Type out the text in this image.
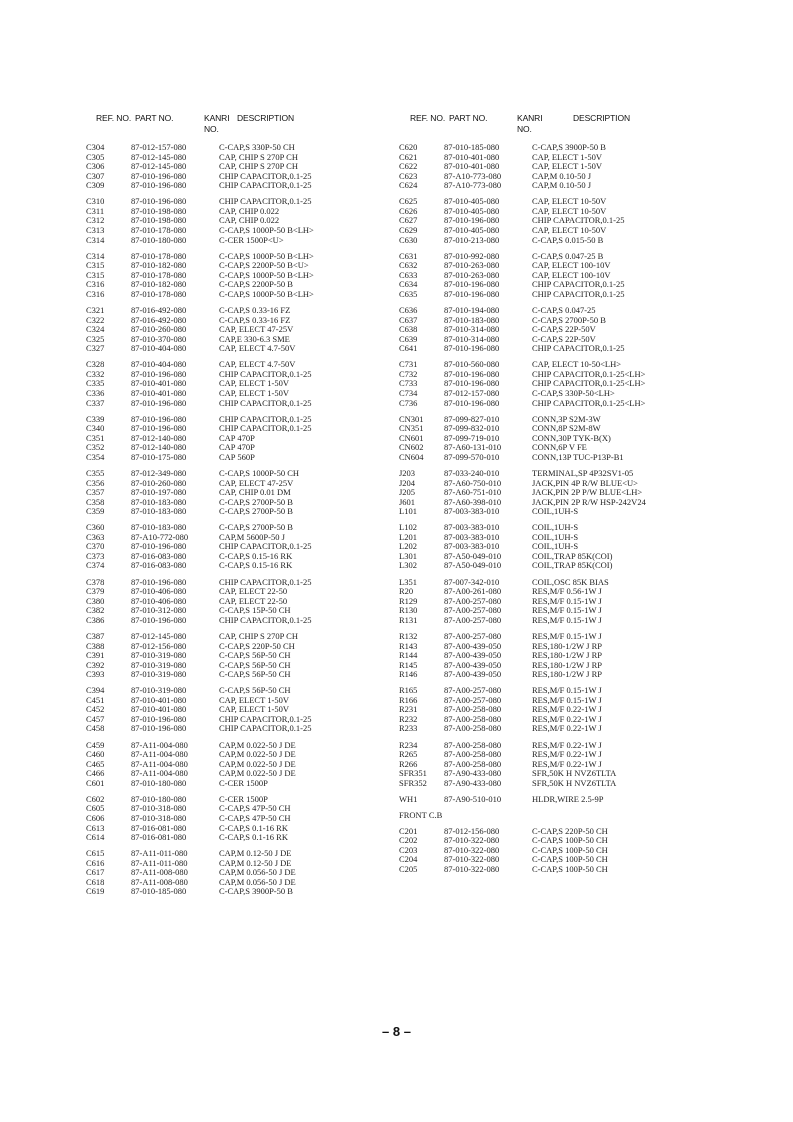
REF. NO. PART NO.	KANRI
NO.
DESCRIPTION
C304	87-012-157-080	C-CAP,S 330P-50 CH
C305	87-012-145-080	CAP, CHIP S 270P CH
C306	87-012-145-080	CAP, CHIP S 270P CH
C307	87-010-196-080	CHIP CAPACITOR,0.1-25
C309	87-010-196-080	CHIP CAPACITOR,0.1-25
C310	87-010-196-080	CHIP CAPACITOR,0.1-25
C311	87-010-198-080	CAP, CHIP 0.022
C312	87-010-198-080	CAP, CHIP 0.022
C313	87-010-178-080	C-CAP,S 1000P-50 B<LH>
C314	87-010-180-080	C-CER 1500P<U>
C314	87-010-178-080	C-CAP,S 1000P-50 B<LH>
C315	87-010-182-080	C-CAP,S 2200P-50 B<U>
C315	87-010-178-080	C-CAP,S 1000P-50 B<LH>
C316	87-010-182-080	C-CAP,S 2200P-50 B
C316	87-010-178-080	C-CAP,S 1000P-50 B<LH>
C321	87-016-492-080	C-CAP,S 0.33-16 FZ
C322	87-016-492-080	C-CAP,S 0.33-16 FZ
C324	87-010-260-080	CAP, ELECT 47-25V
C325	87-010-370-080	CAP,E 330-6.3 SME
C327	87-010-404-080	CAP, ELECT 4.7-50V
C328	87-010-404-080	CAP, ELECT 4.7-50V
C332	87-010-196-080	CHIP CAPACITOR,0.1-25
C335	87-010-401-080	CAP, ELECT 1-50V
C336	87-010-401-080	CAP, ELECT 1-50V
C337	87-010-196-080	CHIP CAPACITOR,0.1-25
C339	87-010-196-080	CHIP CAPACITOR,0.1-25
C340	87-010-196-080	CHIP CAPACITOR,0.1-25
C351	87-012-140-080	CAP 470P
C352	87-012-140-080	CAP 470P
C354	87-010-175-080	CAP 560P
C355	87-012-349-080	C-CAP,S 1000P-50 CH
C356	87-010-260-080	CAP, ELECT 47-25V
C357	87-010-197-080	CAP, CHIP 0.01 DM
C358	87-010-183-080	C-CAP,S 2700P-50 B
C359	87-010-183-080	C-CAP,S 2700P-50 B
C360	87-010-183-080	C-CAP,S 2700P-50 B
C363	87-A10-772-080	CAP,M 5600P-50 J
C370	87-010-196-080	CHIP CAPACITOR,0.1-25
C373	87-016-083-080	C-CAP,S 0.15-16 RK
C374	87-016-083-080	C-CAP,S 0.15-16 RK
C378	87-010-196-080	CHIP CAPACITOR,0.1-25
C379	87-010-406-080	CAP, ELECT 22-50
C380	87-010-406-080	CAP, ELECT 22-50
C382	87-010-312-080	C-CAP,S 15P-50 CH
C386	87-010-196-080	CHIP CAPACITOR,0.1-25
C387	87-012-145-080	CAP, CHIP S 270P CH
C388	87-012-156-080	C-CAP,S 220P-50 CH
C391	87-010-319-080	C-CAP,S 56P-50 CH
C392	87-010-319-080	C-CAP,S 56P-50 CH
C393	87-010-319-080	C-CAP,S 56P-50 CH
C394	87-010-319-080	C-CAP,S 56P-50 CH
C451	87-010-401-080	CAP, ELECT 1-50V
C452	87-010-401-080	CAP, ELECT 1-50V
C457	87-010-196-080	CHIP CAPACITOR,0.1-25
C458	87-010-196-080	CHIP CAPACITOR,0.1-25
C459	87-A11-004-080	CAP,M 0.022-50 J DE
C460	87-A11-004-080	CAP,M 0.022-50 J DE
C465	87-A11-004-080	CAP,M 0.022-50 J DE
C466	87-A11-004-080	CAP,M 0.022-50 J DE
C601	87-010-180-080	C-CER 1500P
C602	87-010-180-080	C-CER 1500P
C605	87-010-318-080	C-CAP,S 47P-50 CH
C606	87-010-318-080	C-CAP,S 47P-50 CH
C613	87-016-081-080	C-CAP,S 0.1-16 RK
C614	87-016-081-080	C-CAP,S 0.1-16 RK
C615	87-A11-011-080	CAP,M 0.12-50 J DE
C616	87-A11-011-080	CAP,M 0.12-50 J DE
C617	87-A11-008-080	CAP,M 0.056-50 J DE
C618	87-A11-008-080	CAP,M 0.056-50 J DE
C619	87-010-185-080	C-CAP,S 3900P-50 B
REF. NO. PART NO.	KANRI
NO.
DESCRIPTION
C620	87-010-185-080	C-CAP,S 3900P-50 B
C621	87-010-401-080	CAP, ELECT 1-50V
C622	87-010-401-080	CAP, ELECT 1-50V
C623	87-A10-773-080	CAP,M 0.10-50 J
C624	87-A10-773-080	CAP,M 0.10-50 J
C625	87-010-405-080	CAP, ELECT 10-50V
C626	87-010-405-080	CAP, ELECT 10-50V
C627	87-010-196-080	CHIP CAPACITOR,0.1-25
C629	87-010-405-080	CAP, ELECT 10-50V
C630	87-010-213-080	C-CAP,S 0.015-50 B
C631	87-010-992-080	C-CAP,S 0.047-25 B
C632	87-010-263-080	CAP, ELECT 100-10V
C633	87-010-263-080	CAP, ELECT 100-10V
C634	87-010-196-080	CHIP CAPACITOR,0.1-25
C635	87-010-196-080	CHIP CAPACITOR,0.1-25
C636	87-010-194-080	C-CAP,S 0.047-25
C637	87-010-183-080	C-CAP,S 2700P-50 B
C638	87-010-314-080	C-CAP,S 22P-50V
C639	87-010-314-080	C-CAP,S 22P-50V
C641	87-010-196-080	CHIP CAPACITOR,0.1-25
C731	87-010-560-080	CAP, ELECT 10-50<LH>
C732	87-010-196-080	CHIP CAPACITOR,0.1-25<LH>
C733	87-010-196-080	CHIP CAPACITOR,0.1-25<LH>
C734	87-012-157-080	C-CAP,S 330P-50<LH>
C736	87-010-196-080	CHIP CAPACITOR,0.1-25<LH>
CN301 87-099-827-010	CONN,3P S2M-3W
CN351 87-099-832-010	CONN,8P S2M-8W
CN601 87-099-719-010	CONN,30P TYK-B(X)
CN602 87-A60-131-010	CONN,6P V FE
CN604 87-099-570-010	CONN,13P TUC-P13P-B1
J203	87-033-240-010	TERMINAL,SP 4P32SV1-05
J204	87-A60-750-010	JACK,PIN 4P R/W BLUE<U>
J205	87-A60-751-010	JACK,PIN 2P P/W BLUE<LH>
J601	87-A60-398-010	JACK,PIN 2P R/W HSP-242V24
L101	87-003-383-010	COIL,1UH-S
L102	87-003-383-010	COIL,1UH-S
L201	87-003-383-010	COIL,1UH-S
L202	87-003-383-010	COIL,1UH-S
L301	87-A50-049-010	COIL,TRAP 85K(COI)
L302	87-A50-049-010	COIL,TRAP 85K(COI)
L351	87-007-342-010	COIL,OSC 85K BIAS
R20	87-A00-261-080	RES,M/F 0.56-1W J
R129	87-A00-257-080	RES,M/F 0.15-1W J
R130	87-A00-257-080	RES,M/F 0.15-1W J
R131	87-A00-257-080	RES,M/F 0.15-1W J
R132	87-A00-257-080	RES,M/F 0.15-1W J
R143	87-A00-439-050	RES,180-1/2W J RP
R144	87-A00-439-050	RES,180-1/2W J RP
R145	87-A00-439-050	RES,180-1/2W J RP
R146	87-A00-439-050	RES,180-1/2W J RP
R165	87-A00-257-080	RES,M/F 0.15-1W J
R166	87-A00-257-080	RES,M/F 0.15-1W J
R231	87-A00-258-080	RES,M/F 0.22-1W J
R232	87-A00-258-080	RES,M/F 0.22-1W J
R233	87-A00-258-080	RES,M/F 0.22-1W J
R234	87-A00-258-080	RES,M/F 0.22-1W J
R265	87-A00-258-080	RES,M/F 0.22-1W J
R266	87-A00-258-080	RES,M/F 0.22-1W J
SFR351 87-A90-433-080	SFR,50K H NVZ6TLTA
SFR352 87-A90-433-080	SFR,50K H NVZ6TLTA
WH1	87-A90-510-010	HLDR,WIRE 2.5-9P
FRONT C.B
C201	87-012-156-080	C-CAP,S 220P-50 CH
C202	87-010-322-080	C-CAP,S 100P-50 CH
C203	87-010-322-080	C-CAP,S 100P-50 CH
C204	87-010-322-080	C-CAP,S 100P-50 CH
C205	87-010-322-080	C-CAP,S 100P-50 CH
– 8 –
